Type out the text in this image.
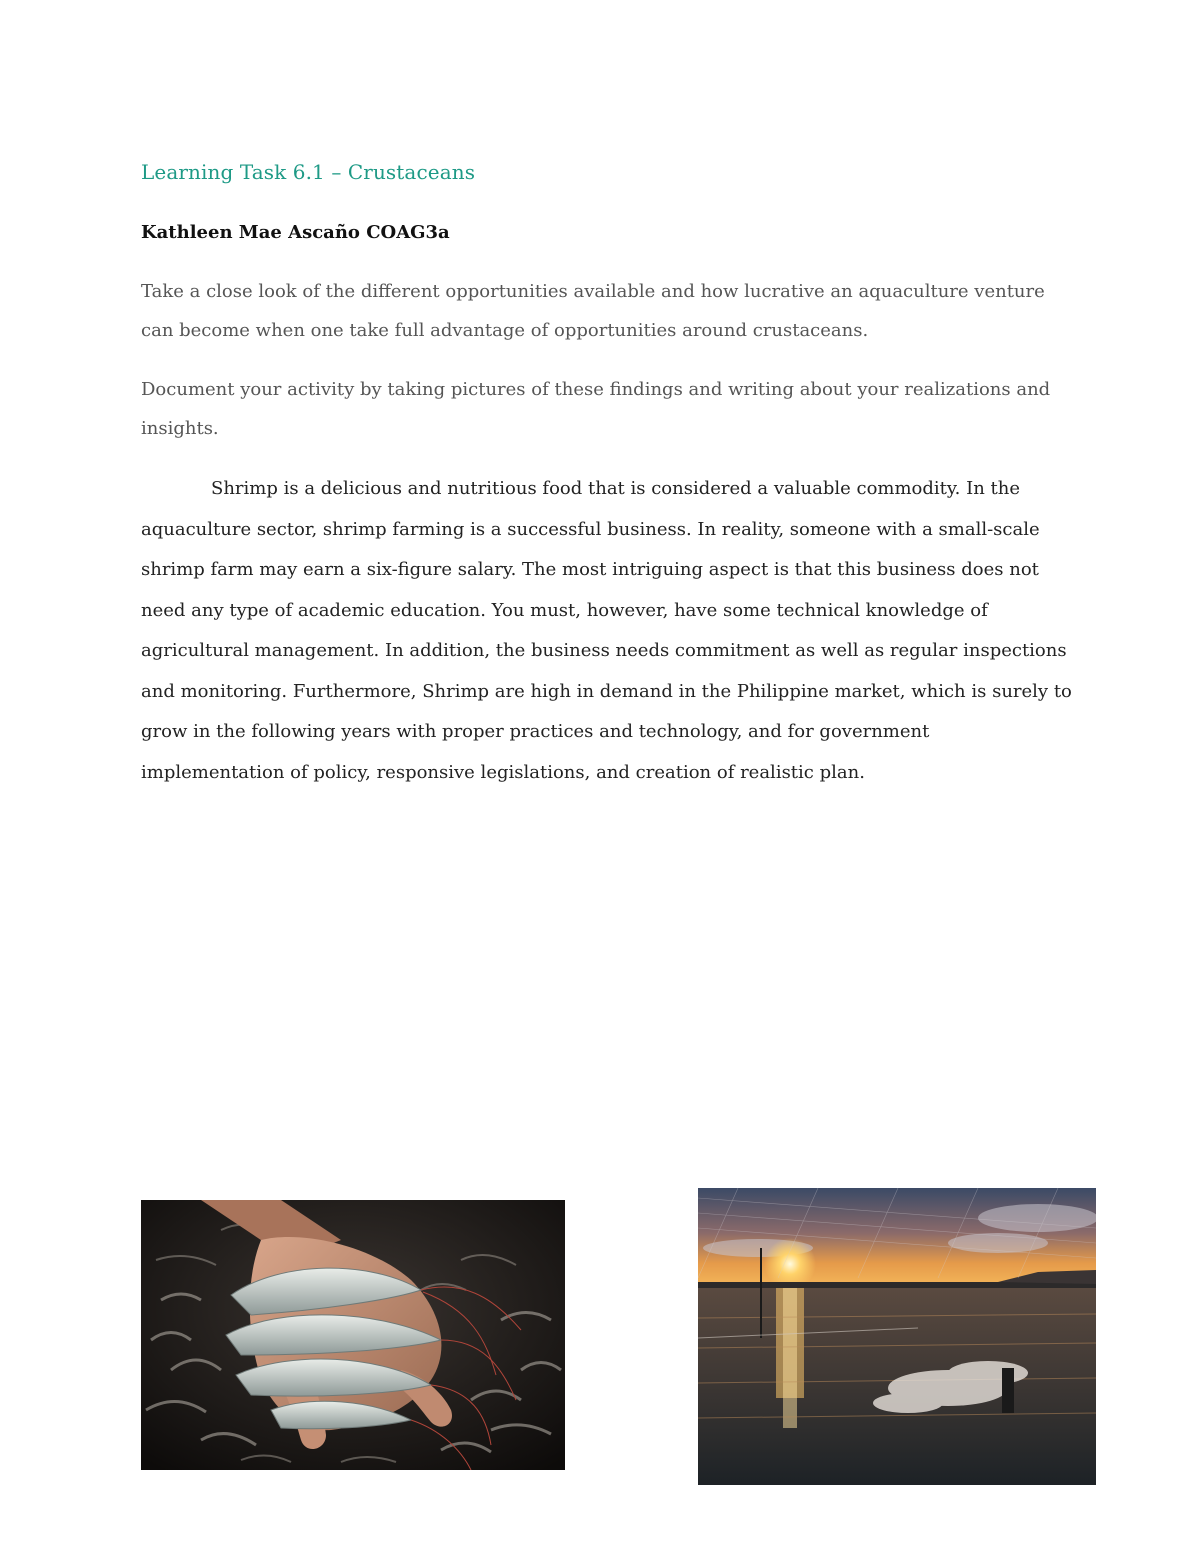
Learning Task 6.1 – Crustaceans
Kathleen Mae Ascaño COAG3a

Take a close look of the different opportunities available and how lucrative an aquaculture venture can become when one take full advantage of opportunities around crustaceans.

Document your activity by taking pictures of these findings and writing about your realizations and insights.

Shrimp is a delicious and nutritious food that is considered a valuable commodity. In the aquaculture sector, shrimp farming is a successful business. In reality, someone with a small-scale shrimp farm may earn a six-figure salary. The most intriguing aspect is that this business does not need any type of academic education. You must, however, have some technical knowledge of agricultural management. In addition, the business needs commitment as well as regular inspections and monitoring. Furthermore, Shrimp are high in demand in the Philippine market, which is surely to grow in the following years with proper practices and technology, and for government implementation of policy, responsive legislations, and creation of realistic plan.
